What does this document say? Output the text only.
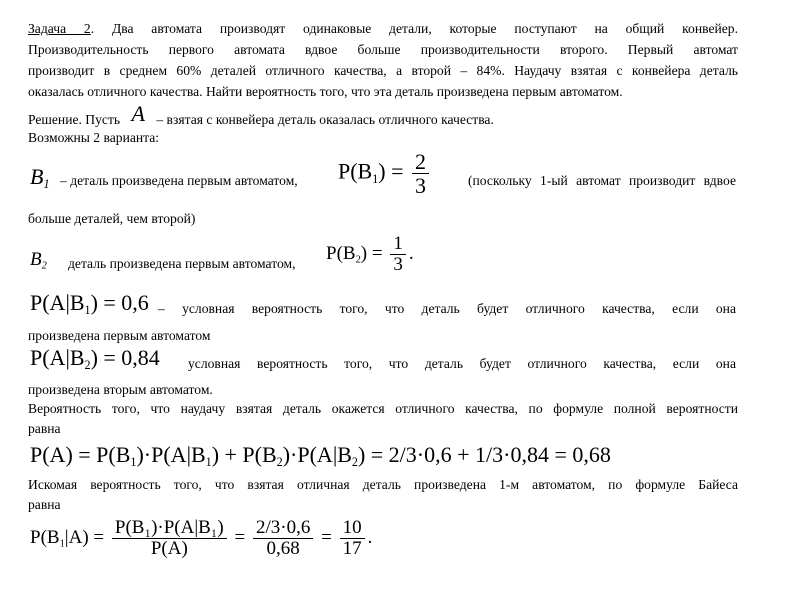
Задача 2. Два автомата производят одинаковые детали, которые поступают на общий конвейер.
Производительность первого автомата вдвое больше производительности второго. Первый автомат
производит в среднем 60% деталей отличного качества, а второй – 84%. Наудачу взятая с конвейера деталь
оказалась отличного качества. Найти вероятность того, что эта деталь произведена первым автоматом.
Решение. Пусть A – взятая с конвейера деталь оказалась отличного качества.
Возможны 2 варианта:
$B_1$ – деталь произведена первым автоматом, $P(B_1) = \frac{2}{3}$	(поскольку 1-ый автомат производит вдвое
больше деталей, чем второй)
$B_2$ деталь произведена первым автоматом, $P(B_2) = \frac{1}{3}$ .
$P(A|B_1) = 0,6$ – условная вероятность того, что деталь будет отличного качества, если она
произведена первым автоматом
$P(A|B_2) = 0,84$ условная вероятность того, что деталь будет отличного качества, если она
произведена вторым автоматом.
Вероятность того, что наудачу взятая деталь окажется отличного качества, по формуле полной вероятности
равна
$P(A) = P(B_1)\cdot P(A|B_1) + P(B_2)\cdot P(A|B_2) = 2/3\cdot 0,6 + 1/3\cdot 0,84 = 0,68$
Искомая вероятность того, что взятая отличная деталь произведена 1-м автоматом, по формуле Байеса
равна
$P(B_1|A) = \frac{\text{P(B₁)·P(A|B₁)}}{P(A)} = \frac{2/3\cdot 0,6}{0,68} = \frac{10}{17}$ .
